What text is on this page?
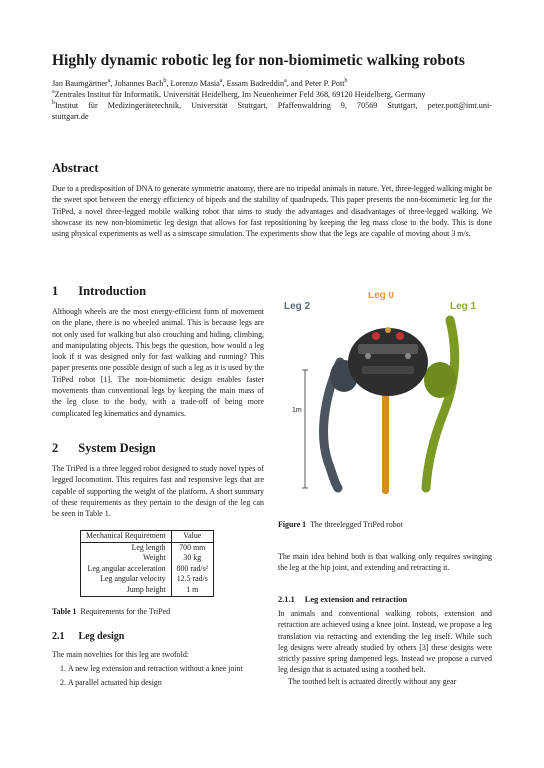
Highly dynamic robotic leg for non-biomimetic walking robots
Jan Baumgärtner$^a$, Johannes Bach$^b$, Lorenzo Masia$^a$, Essam Badreddin$^a$, and Peter P. Pott$^b$
$^a$Zentrales Institut für Informatik, Universität Heidelberg, Im Neuenheimer Feld 368, 69120 Heidelberg, Germany
$^b$Institut für Medizingerätetechnik, Universität Stuttgart, Pfaffenwaldring 9, 70569 Stuttgart, peter.pott@imt.uni-
stuttgart.de
Abstract
Due to a predisposition of DNA to generate symmetric anatomy, there are no tripedal animals in nature. Yet, three-legged walking might be the sweet spot between the energy efficiency of bipeds and the stability of quadrupeds. This paper presents the non-biomimetic leg for the TriPed, a novel three-legged mobile walking robot that aims to study the advantages and disadvantages of three-legged walking. We showcase its new non-biomimetic leg design that allows for fast repositioning by keeping the leg mass close to the body. This is done using physical experiments as well as a simscape simulation. The experiments show that the legs are capable of moving about 3 m/s.
1 Introduction
Although wheels are the most energy-efficient form of movement on the plane, there is no wheeled animal. This is because legs are not only used for walking but also crouching and hiding, climbing, and manipulating objects. This begs the question, how would a leg look if it was designed only for fast walking and running? This paper presents one possible design of such a leg as it is used by the TriPed robot [1]. The non-biomimetic design enables faster movements than conventional legs by keeping the main mass of the leg close to the body, with a trade-off of being more complicated leg kinematics and dynamics.
2 System Design
The TriPed is a three legged robot designed to study novel types of legged locomotion. This requires fast and responsive legs that are capable of supporting the weight of the platform. A short summary of these requirements as they pertain to the design of the leg can be seen in Table 1.
Mechanical Requirement	Value
Leg length	700 mm
Weight	30 kg
Leg angular acceleration	800 rad/s²
Leg angular velocity	12.5 rad/s
Jump height	1 m
Table 1 Requirements for the TriPed
2.1 Leg design
The main novelties for this leg are twofold:
1. A new leg extension and retraction without a knee joint
2. A parallel actuated hip design
Leg 2
Leg 0
Leg 1
1m
Figure 1 The threelegged TriPed robot
The main idea behind both is that walking only requires swinging the leg at the hip joint, and extending and retracting it.
2.1.1 Leg extension and retraction
In animals and conventional walking robots, extension and retraction are achieved using a knee joint. Instead, we propose a leg translation via retracting and extending the leg itself. While such leg designs were already studied by others [3] these designs were strictly passive spring dampened legs. Instead we propose a curved leg design that is actuated using a toothed belt.
The toothed belt is actuated directly without any gear
